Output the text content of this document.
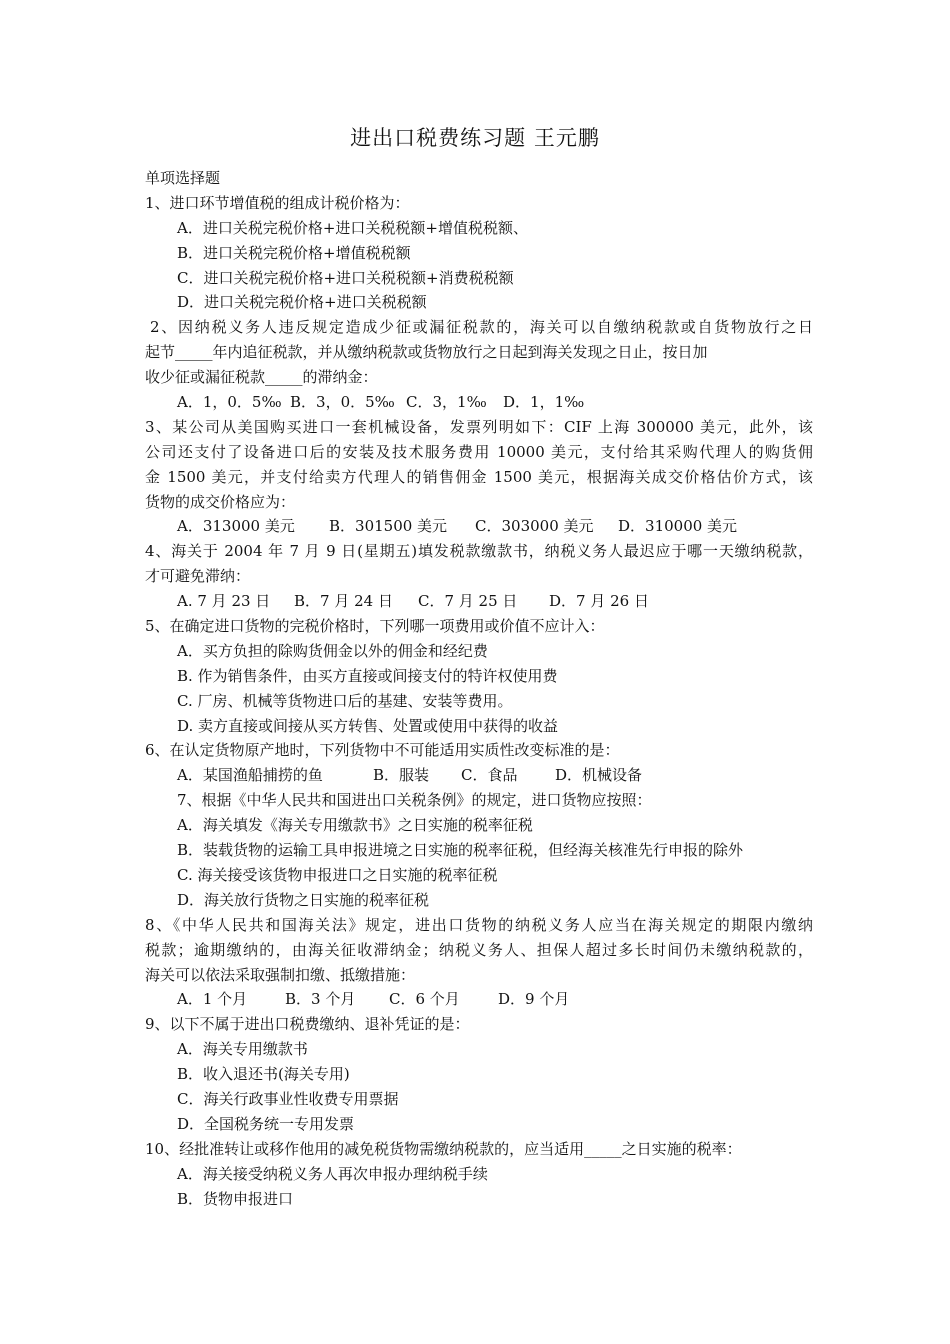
进出口税费练习题 王元鹏
单项选择题
1、进口环节增值税的组成计税价格为：
A．进口关税完税价格+进口关税税额+增值税税额、
B．进口关税完税价格+增值税税额
C．进口关税完税价格+进口关税税额+消费税税额
D．进口关税完税价格+进口关税税额
2、因纳税义务人违反规定造成少征或漏征税款的，海关可以自缴纳税款或自货物放行之日
起节_____年内追征税款，并从缴纳税款或货物放行之日起到海关发现之日止，按日加
收少征或漏征税款_____的滞纳金：
A．1，0．5‰ B．3，0．5‰ C．3，1‰	D．1，1‰
3、某公司从美国购买进口一套机械设备，发票列明如下：CIF 上海 300000 美元，此外，该
公司还支付了设备进口后的安装及技术服务费用 10000 美元，支付给其采购代理人的购货佣
金 1500 美元，并支付给卖方代理人的销售佣金 1500 美元，根据海关成交价格估价方式，该
货物的成交价格应为：
A．313000 美元	B．301500 美元	C．303000 美元	D．310000 美元
4、海关于 2004 年 7 月 9 日(星期五)填发税款缴款书，纳税义务人最迟应于哪一天缴纳税款，
才可避免滞纳：
A. 7 月 23 日	B．7 月 24 日	C．7 月 25 日	D．7 月 26 日
5、在确定进口货物的完税价格时，下列哪一项费用或价值不应计入：
A．买方负担的除购货佣金以外的佣金和经纪费
B. 作为销售条件，由买方直接或间接支付的特许权使用费
C. 厂房、机械等货物进口后的基建、安装等费用。
D. 卖方直接或间接从买方转售、处置或使用中获得的收益
6、在认定货物原产地时，下列货物中不可能适用实质性改变标准的是：
A．某国渔船捕捞的鱼	B．服装	C．食品	D．机械设备
7、根据《中华人民共和国进出口关税条例》的规定，进口货物应按照：
A．海关填发《海关专用缴款书》之日实施的税率征税
B．装载货物的运输工具申报进境之日实施的税率征税，但经海关核准先行申报的除外
C. 海关接受该货物申报进口之日实施的税率征税
D．海关放行货物之日实施的税率征税
8、《中华人民共和国海关法》规定，进出口货物的纳税义务人应当在海关规定的期限内缴纳
税款；逾期缴纳的，由海关征收滞纳金；纳税义务人、担保人超过多长时间仍未缴纳税款的，
海关可以依法采取强制扣缴、抵缴措施：
A．1 个月	B．3 个月	C．6 个月	D．9 个月
9、以下不属于进出口税费缴纳、退补凭证的是：
A．海关专用缴款书
B．收入退还书(海关专用)
C．海关行政事业性收费专用票据
D．全国税务统一专用发票
10、经批准转让或移作他用的减免税货物需缴纳税款的，应当适用_____之日实施的税率：
A．海关接受纳税义务人再次申报办理纳税手续
B．货物申报进口
